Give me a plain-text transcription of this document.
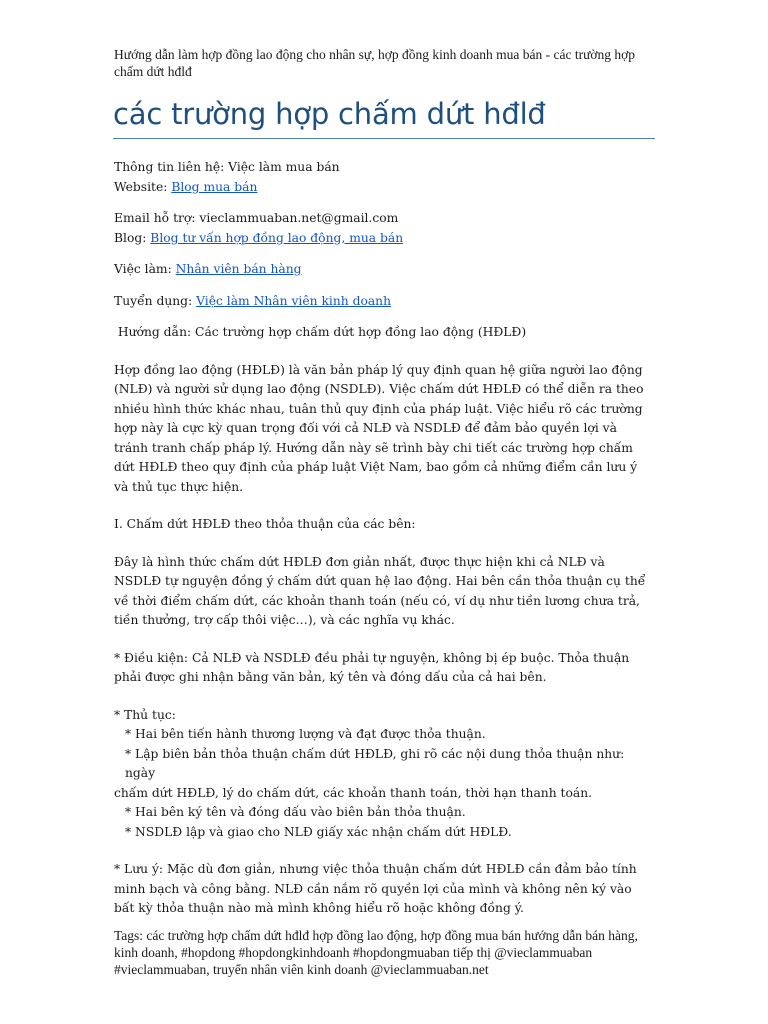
Hướng dẫn làm hợp đồng lao động cho nhân sự, hợp đồng kinh doanh mua bán - các trường hợp chấm dứt hđlđ
các trường hợp chấm dứt hđlđ

Thông tin liên hệ: Việc làm mua bán

Website: Blog mua bán

Email hỗ trợ: vieclammuaban.net@gmail.com

Blog: Blog tư vấn hợp đồng lao động, mua bán

Việc làm: Nhân viên bán hàng

Tuyển dụng: Việc làm Nhân viên kinh doanh

Hướng dẫn: Các trường hợp chấm dứt hợp đồng lao động (HĐLĐ)

Hợp đồng lao động (HĐLĐ) là văn bản pháp lý quy định quan hệ giữa người lao động (NLĐ) và người sử dụng lao động (NSDLĐ). Việc chấm dứt HĐLĐ có thể diễn ra theo nhiều hình thức khác nhau, tuân thủ quy định của pháp luật. Việc hiểu rõ các trường hợp này là cực kỳ quan trọng đối với cả NLĐ và NSDLĐ để đảm bảo quyền lợi và tránh tranh chấp pháp lý. Hướng dẫn này sẽ trình bày chi tiết các trường hợp chấm dứt HĐLĐ theo quy định của pháp luật Việt Nam, bao gồm cả những điểm cần lưu ý và thủ tục thực hiện.

I. Chấm dứt HĐLĐ theo thỏa thuận của các bên:

Đây là hình thức chấm dứt HĐLĐ đơn giản nhất, được thực hiện khi cả NLĐ và NSDLĐ tự nguyện đồng ý chấm dứt quan hệ lao động. Hai bên cần thỏa thuận cụ thể về thời điểm chấm dứt, các khoản thanh toán (nếu có, ví dụ như tiền lương chưa trả, tiền thưởng, trợ cấp thôi việc…), và các nghĩa vụ khác.

* Điều kiện: Cả NLĐ và NSDLĐ đều phải tự nguyện, không bị ép buộc. Thỏa thuận phải được ghi nhận bằng văn bản, ký tên và đóng dấu của cả hai bên.

* Thủ tục:

* Hai bên tiến hành thương lượng và đạt được thỏa thuận.

* Lập biên bản thỏa thuận chấm dứt HĐLĐ, ghi rõ các nội dung thỏa thuận như: ngày

chấm dứt HĐLĐ, lý do chấm dứt, các khoản thanh toán, thời hạn thanh toán.

* Hai bên ký tên và đóng dấu vào biên bản thỏa thuận.

* NSDLĐ lập và giao cho NLĐ giấy xác nhận chấm dứt HĐLĐ.

* Lưu ý: Mặc dù đơn giản, nhưng việc thỏa thuận chấm dứt HĐLĐ cần đảm bảo tính minh bạch và công bằng. NLĐ cần nắm rõ quyền lợi của mình và không nên ký vào bất kỳ thỏa thuận nào mà mình không hiểu rõ hoặc không đồng ý.

Tags: các trường hợp chấm dứt hđlđ hợp đồng lao động, hợp đồng mua bán hướng dẫn bán hàng, kinh doanh, #hopdong #hopdongkinhdoanh #hopdongmuaban tiếp thị @vieclammuaban #vieclammuaban, truyển nhân viên kinh doanh @vieclammuaban.net
